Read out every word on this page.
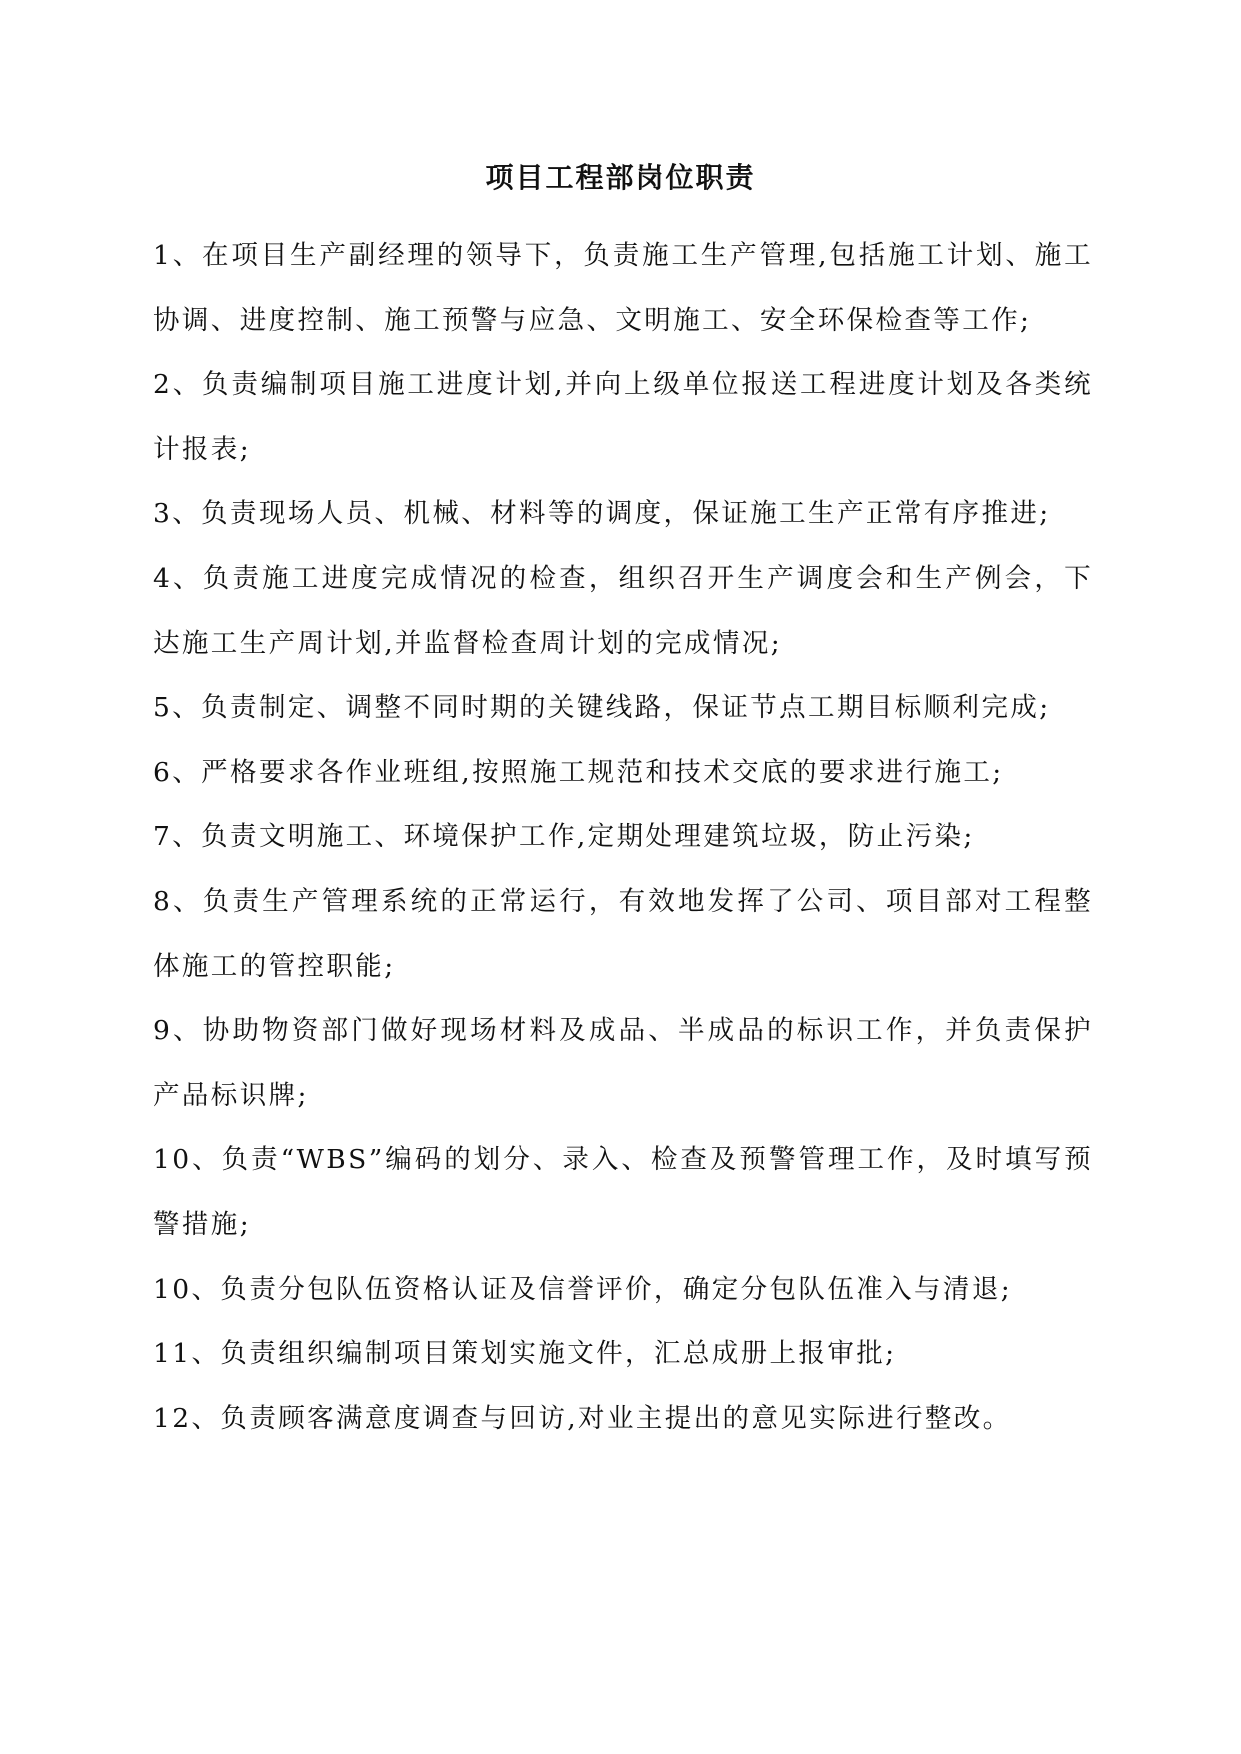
项目工程部岗位职责

1、在项目生产副经理的领导下，负责施工生产管理,包括施工计划、施工协调、进度控制、施工预警与应急、文明施工、安全环保检查等工作;

2、负责编制项目施工进度计划,并向上级单位报送工程进度计划及各类统计报表;

3、负责现场人员、机械、材料等的调度，保证施工生产正常有序推进;

4、负责施工进度完成情况的检查，组织召开生产调度会和生产例会，下达施工生产周计划,并监督检查周计划的完成情况;

5、负责制定、调整不同时期的关键线路，保证节点工期目标顺利完成;

6、严格要求各作业班组,按照施工规范和技术交底的要求进行施工;

7、负责文明施工、环境保护工作,定期处理建筑垃圾，防止污染;

8、负责生产管理系统的正常运行，有效地发挥了公司、项目部对工程整体施工的管控职能;

9、协助物资部门做好现场材料及成品、半成品的标识工作，并负责保护产品标识牌;

10、负责“WBS”编码的划分、录入、检查及预警管理工作，及时填写预警措施;

10、负责分包队伍资格认证及信誉评价，确定分包队伍准入与清退;

11、负责组织编制项目策划实施文件，汇总成册上报审批;

12、负责顾客满意度调查与回访,对业主提出的意见实际进行整改。
